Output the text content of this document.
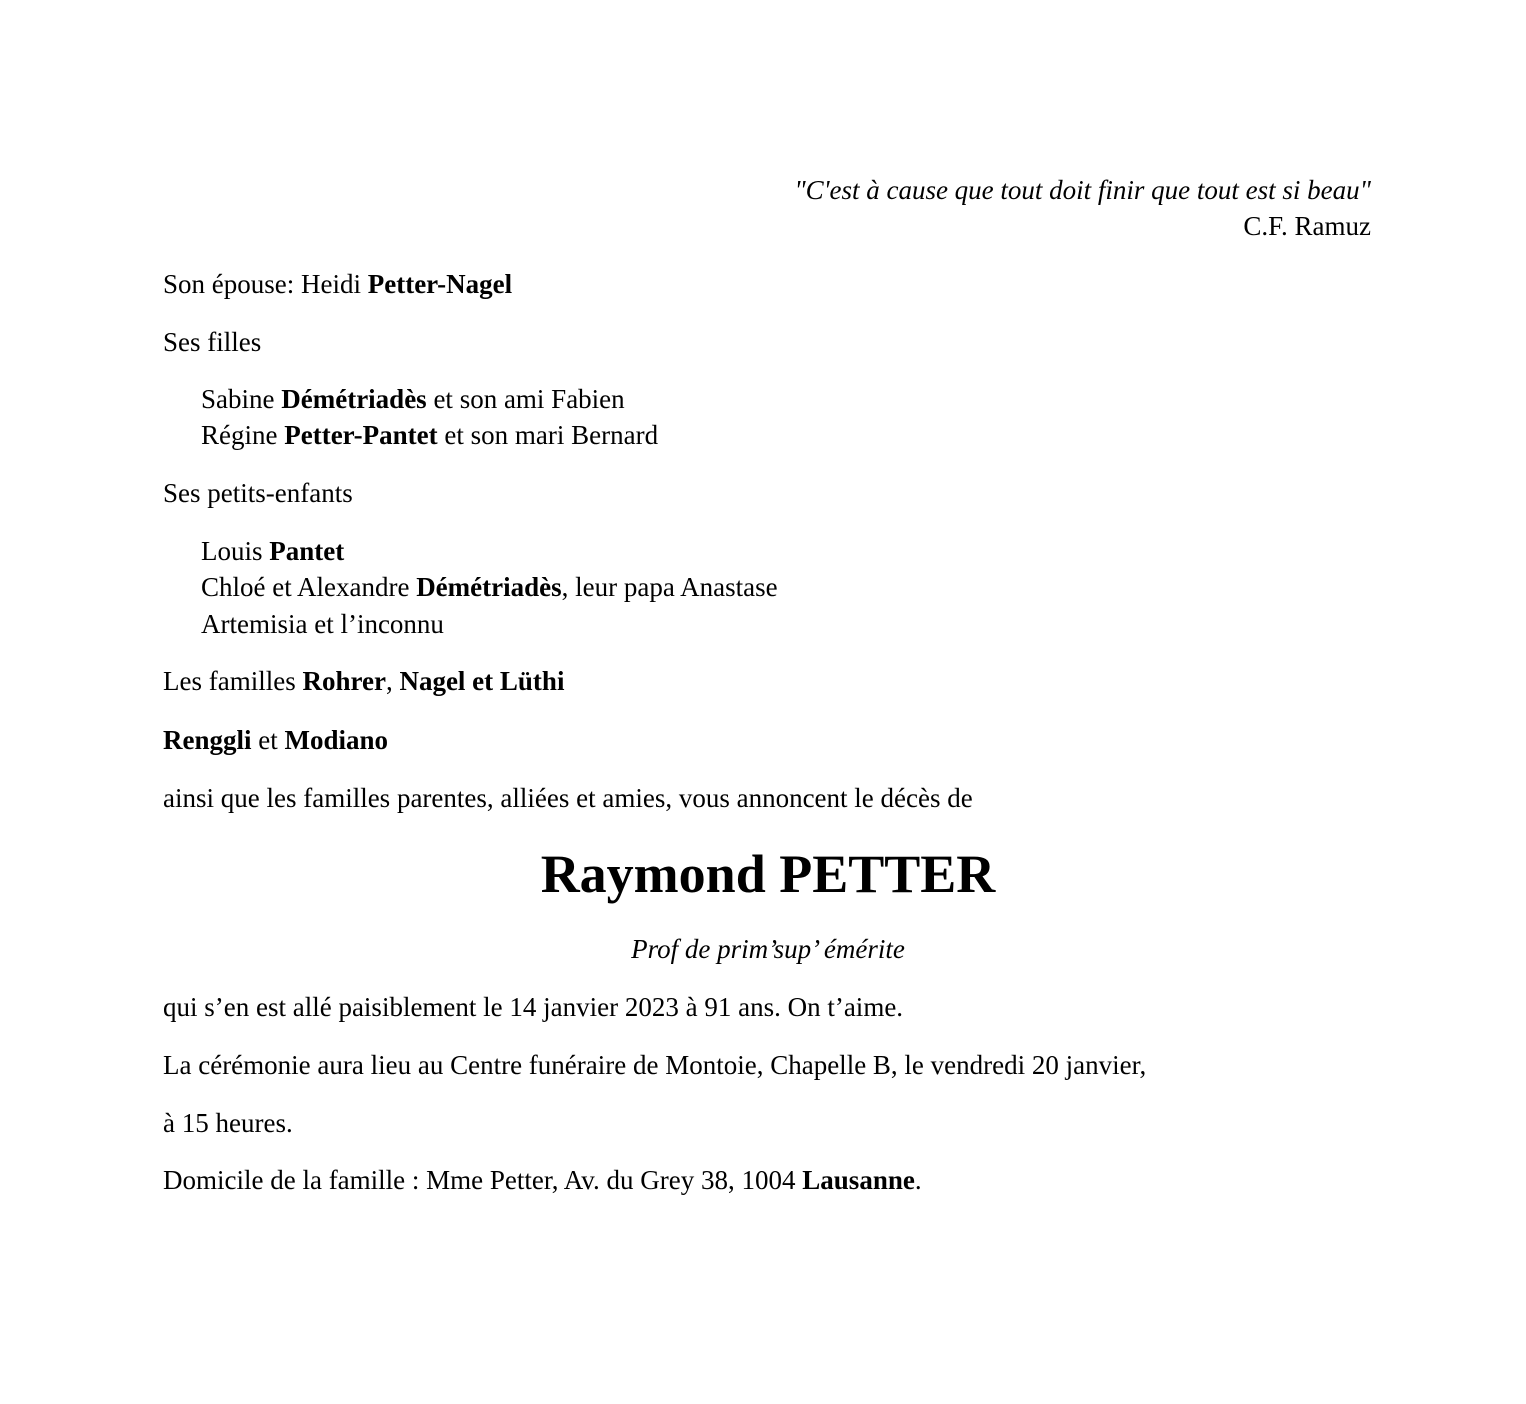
"C'est à cause que tout doit finir que tout est si beau"
C.F. Ramuz
Son épouse: Heidi Petter-Nagel
Ses filles
Sabine Démétriadès et son ami Fabien
Régine Petter-Pantet et son mari Bernard
Ses petits-enfants
Louis Pantet
Chloé et Alexandre Démétriadès, leur papa Anastase
Artemisia et l’inconnu
Les familles Rohrer, Nagel et Lüthi
Renggli et Modiano
ainsi que les familles parentes, alliées et amies, vous annoncent le décès de
Raymond PETTER
Prof de prim’sup’ émérite
qui s’en est allé paisiblement le 14 janvier 2023 à 91 ans. On t’aime.
La cérémonie aura lieu au Centre funéraire de Montoie, Chapelle B, le vendredi 20 janvier,
à 15 heures.
Domicile de la famille : Mme Petter, Av. du Grey 38, 1004 Lausanne.
